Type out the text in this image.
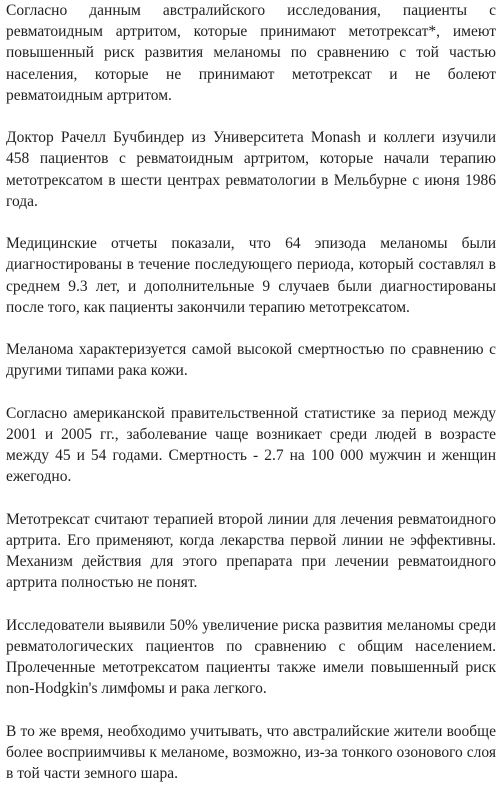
Согласно данным австралийского исследования, пациенты с ревматоидным артритом, которые принимают метотрексат*, имеют повышенный риск развития меланомы по сравнению с той частью населения, которые не принимают метотрексат и не болеют ревматоидным артритом.

Доктор Рачелл Бучбиндер из Университета Monash и коллеги изучили 458 пациентов с ревматоидным артритом, которые начали терапию метотрексатом в шести центрах ревматологии в Мельбурне с июня 1986 года.

Медицинские отчеты показали, что 64 эпизода меланомы были диагностированы в течение последующего периода, который составлял в среднем 9.3 лет, и дополнительные 9 случаев были диагностированы после того, как пациенты закончили терапию метотрексатом.

Меланома характеризуется самой высокой смертностью по сравнению с другими типами рака кожи.

Согласно американской правительственной статистике за период между 2001 и 2005 гг., заболевание чаще возникает среди людей в возрасте между 45 и 54 годами. Смертность - 2.7 на 100 000 мужчин и женщин ежегодно.

Метотрексат считают терапией второй линии для лечения ревматоидного артрита. Его применяют, когда лекарства первой линии не эффективны. Механизм действия для этого препарата при лечении ревматоидного артрита полностью не понят.

Исследователи выявили 50% увеличение риска развития меланомы среди ревматологических пациентов по сравнению с общим населением. Пролеченные метотрексатом пациенты также имели повышенный риск non-Hodgkin's лимфомы и рака легкого.

В то же время, необходимо учитывать, что австралийские жители вообще более восприимчивы к меланоме, возможно, из-за тонкого озонового слоя в той части земного шара.
